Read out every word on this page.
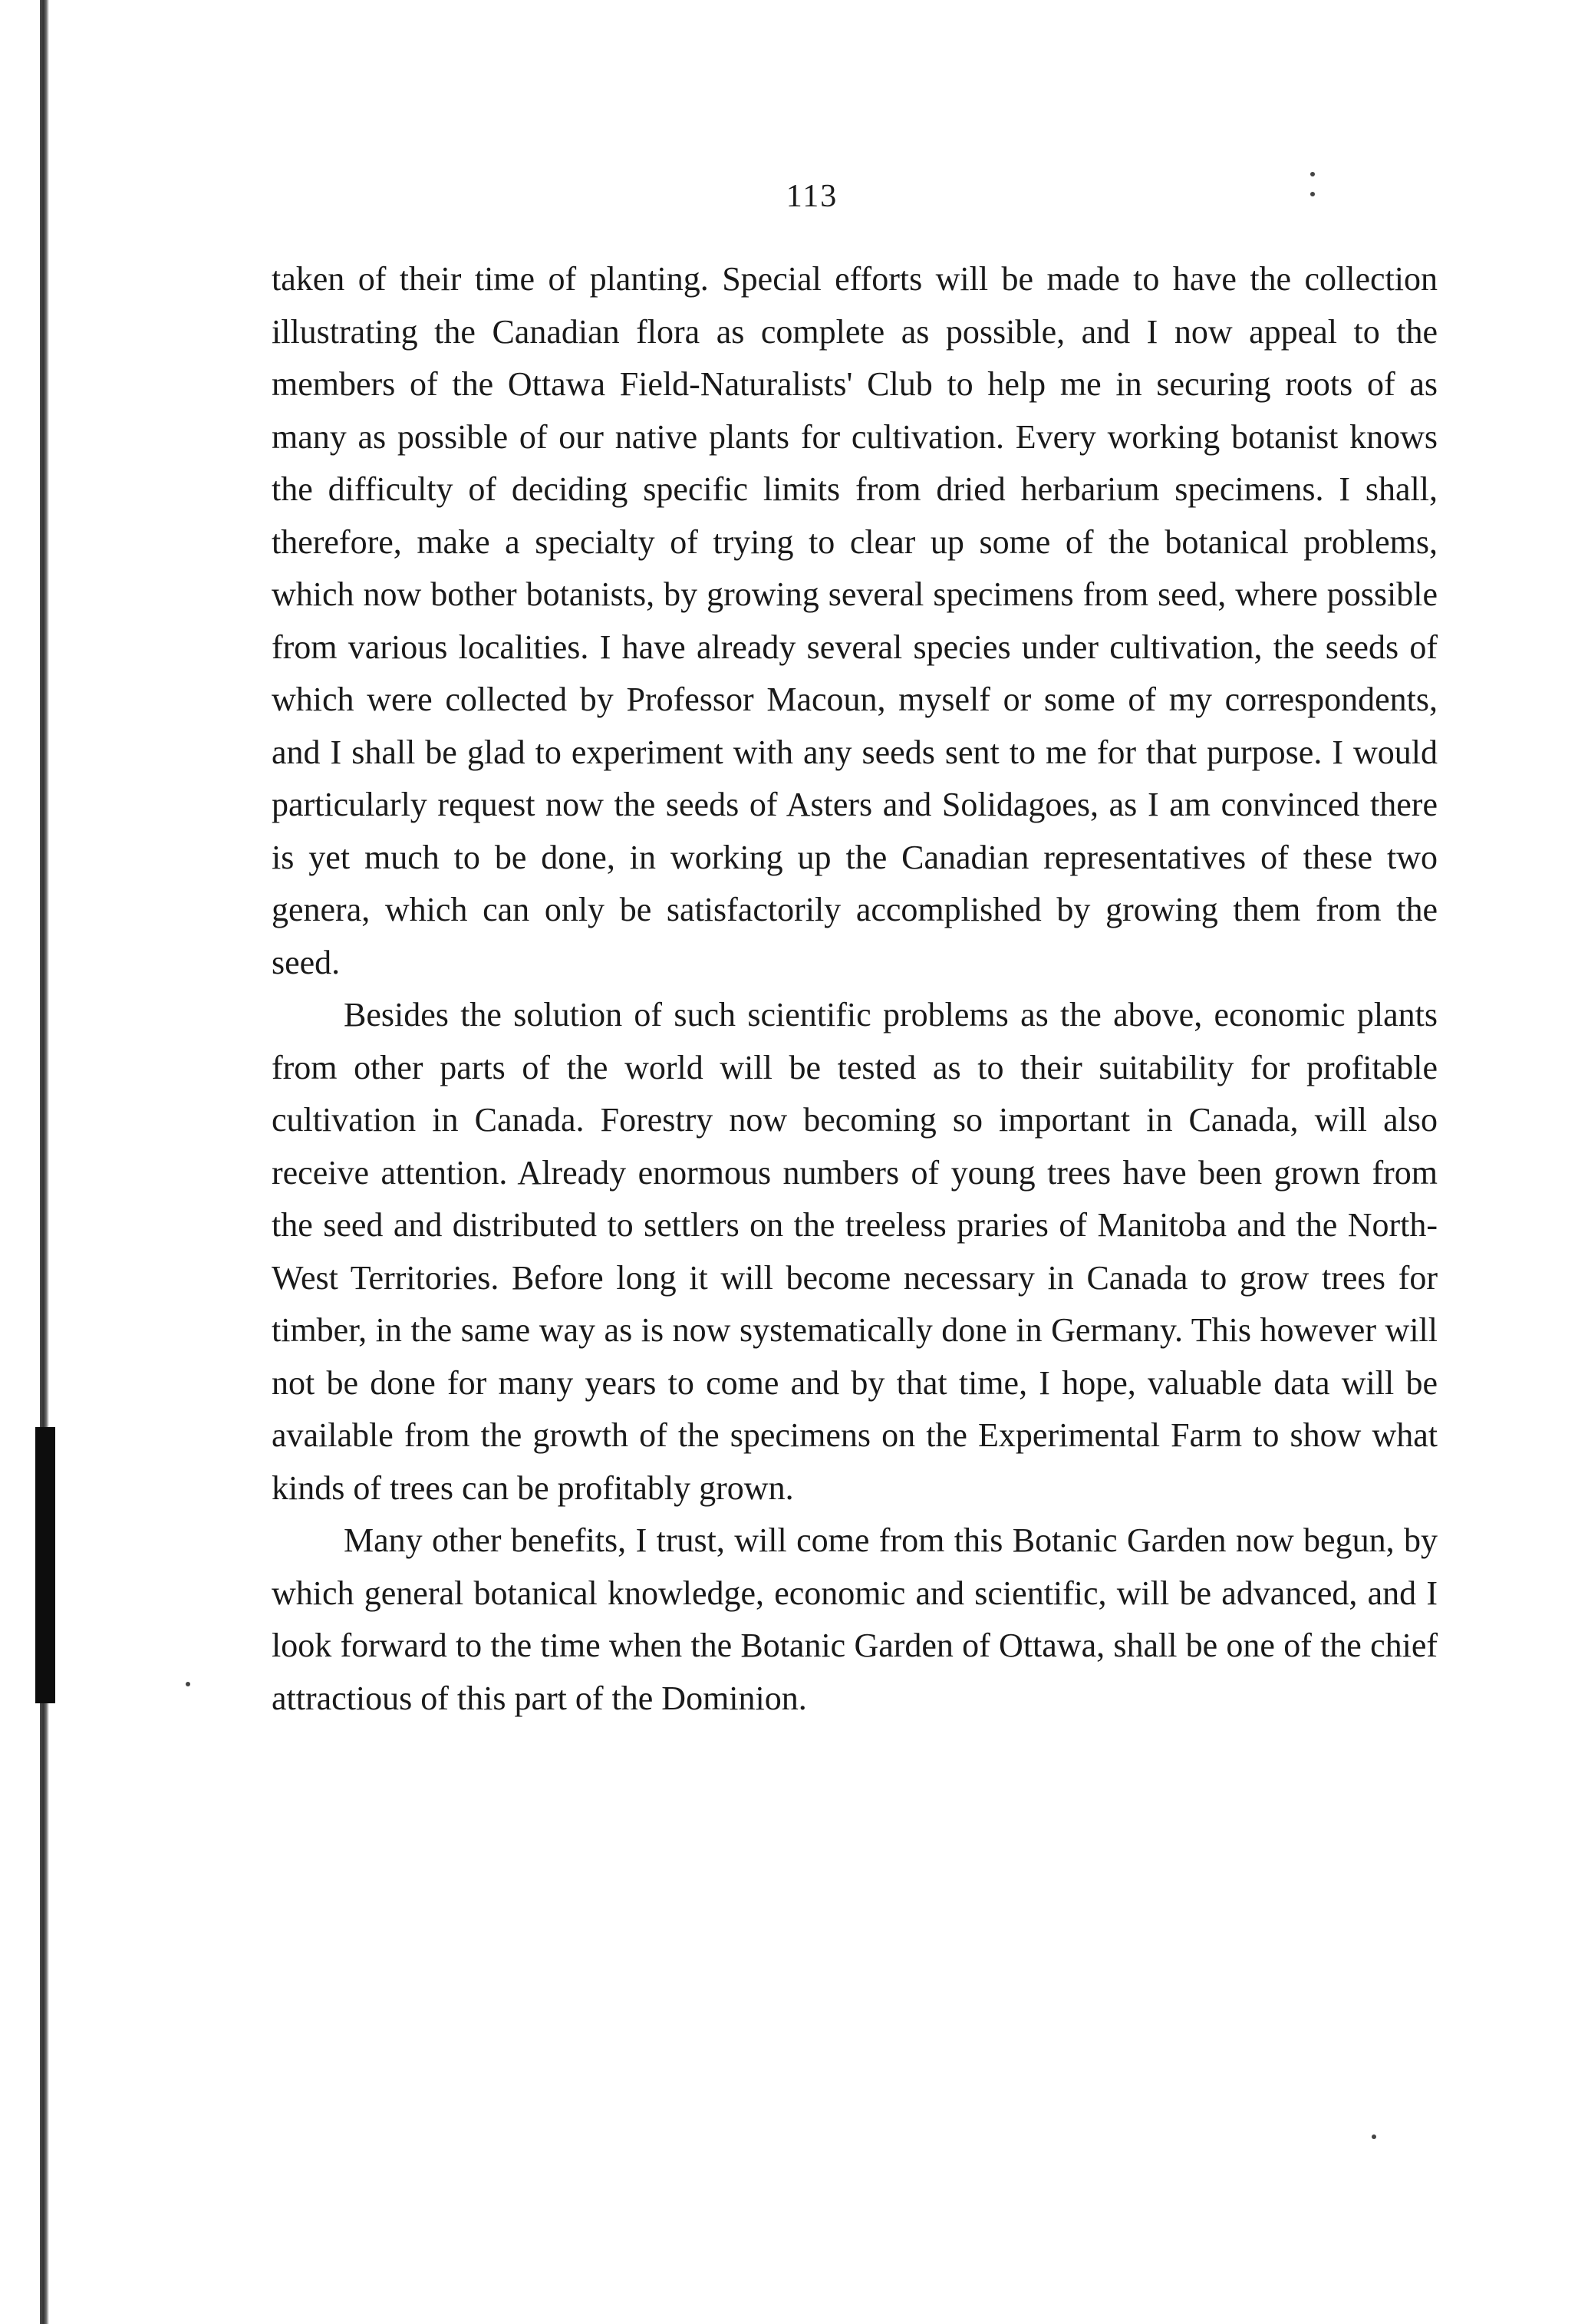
113

taken of their time of planting. Special efforts will be made to have the collection illustrating the Canadian flora as complete as possible, and I now appeal to the members of the Ottawa Field-Naturalists' Club to help me in securing roots of as many as possible of our native plants for cultivation. Every working botanist knows the difficulty of deciding specific limits from dried herbarium specimens. I shall, therefore, make a specialty of trying to clear up some of the botanical problems, which now bother botanists, by growing several specimens from seed, where possible from various localities. I have already several species under cultivation, the seeds of which were collected by Professor Macoun, myself or some of my correspondents, and I shall be glad to experiment with any seeds sent to me for that purpose. I would particularly request now the seeds of Asters and Solidagoes, as I am convinced there is yet much to be done, in working up the Canadian representatives of these two genera, which can only be satisfactorily accomplished by growing them from the seed.

Besides the solution of such scientific problems as the above, economic plants from other parts of the world will be tested as to their suitability for profitable cultivation in Canada. Forestry now becoming so important in Canada, will also receive attention. Already enormous numbers of young trees have been grown from the seed and distributed to settlers on the treeless praries of Manitoba and the North-West Territories. Before long it will become necessary in Canada to grow trees for timber, in the same way as is now systematically done in Germany. This however will not be done for many years to come and by that time, I hope, valuable data will be available from the growth of the specimens on the Experimental Farm to show what kinds of trees can be profitably grown.

Many other benefits, I trust, will come from this Botanic Garden now begun, by which general botanical knowledge, economic and scientific, will be advanced, and I look forward to the time when the Botanic Garden of Ottawa, shall be one of the chief attractious of this part of the Dominion.
